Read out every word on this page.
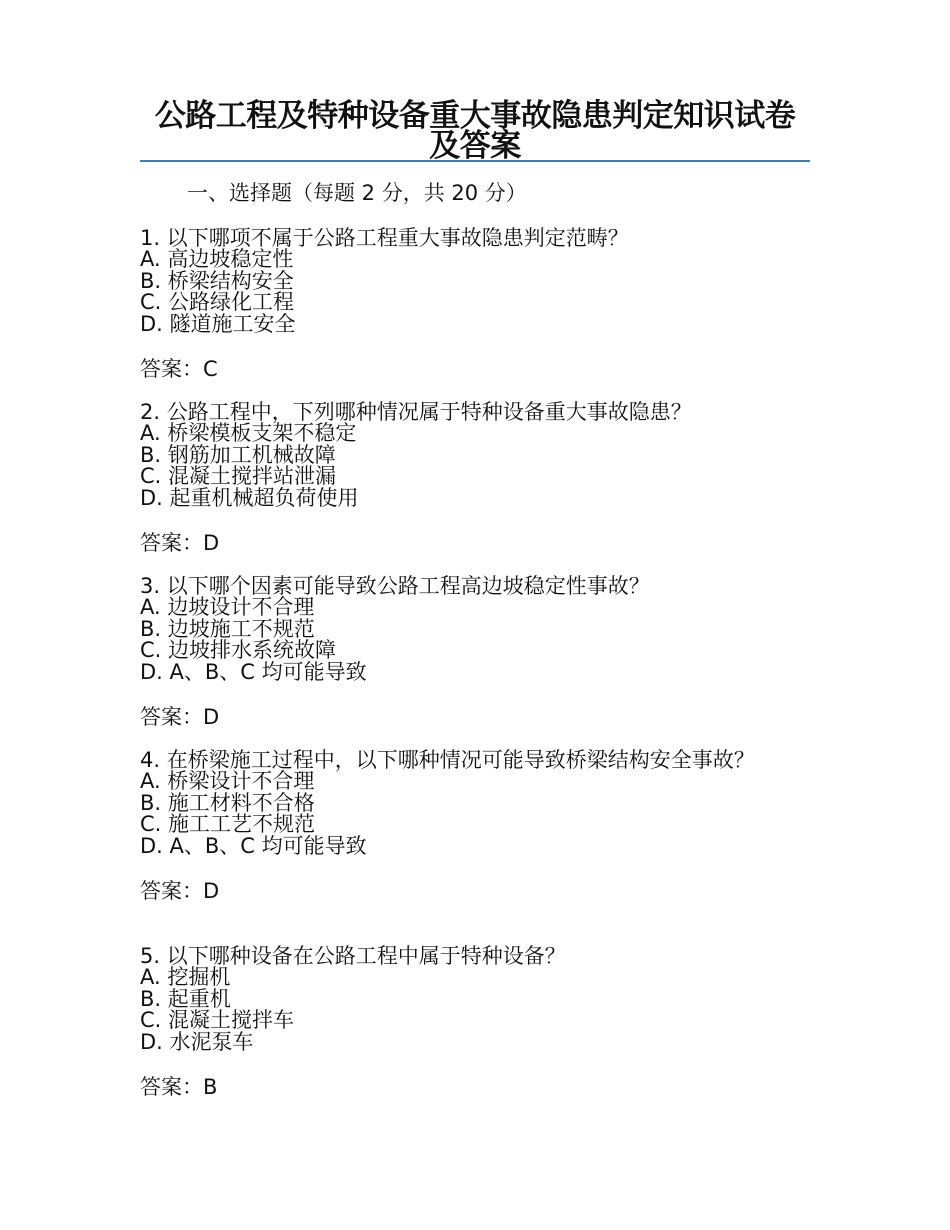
公路工程及特种设备重大事故隐患判定知识试卷及答案
一、选择题（每题 2 分，共 20 分）
1. 以下哪项不属于公路工程重大事故隐患判定范畴？
A. 高边坡稳定性
B. 桥梁结构安全
C. 公路绿化工程
D. 隧道施工安全
答案：C
2. 公路工程中，下列哪种情况属于特种设备重大事故隐患？
A. 桥梁模板支架不稳定
B. 钢筋加工机械故障
C. 混凝土搅拌站泄漏
D. 起重机械超负荷使用
答案：D
3. 以下哪个因素可能导致公路工程高边坡稳定性事故？
A. 边坡设计不合理
B. 边坡施工不规范
C. 边坡排水系统故障
D. A、B、C 均可能导致
答案：D
4. 在桥梁施工过程中，以下哪种情况可能导致桥梁结构安全事故？
A. 桥梁设计不合理
B. 施工材料不合格
C. 施工工艺不规范
D. A、B、C 均可能导致
答案：D
5. 以下哪种设备在公路工程中属于特种设备？
A. 挖掘机
B. 起重机
C. 混凝土搅拌车
D. 水泥泵车
答案：B
